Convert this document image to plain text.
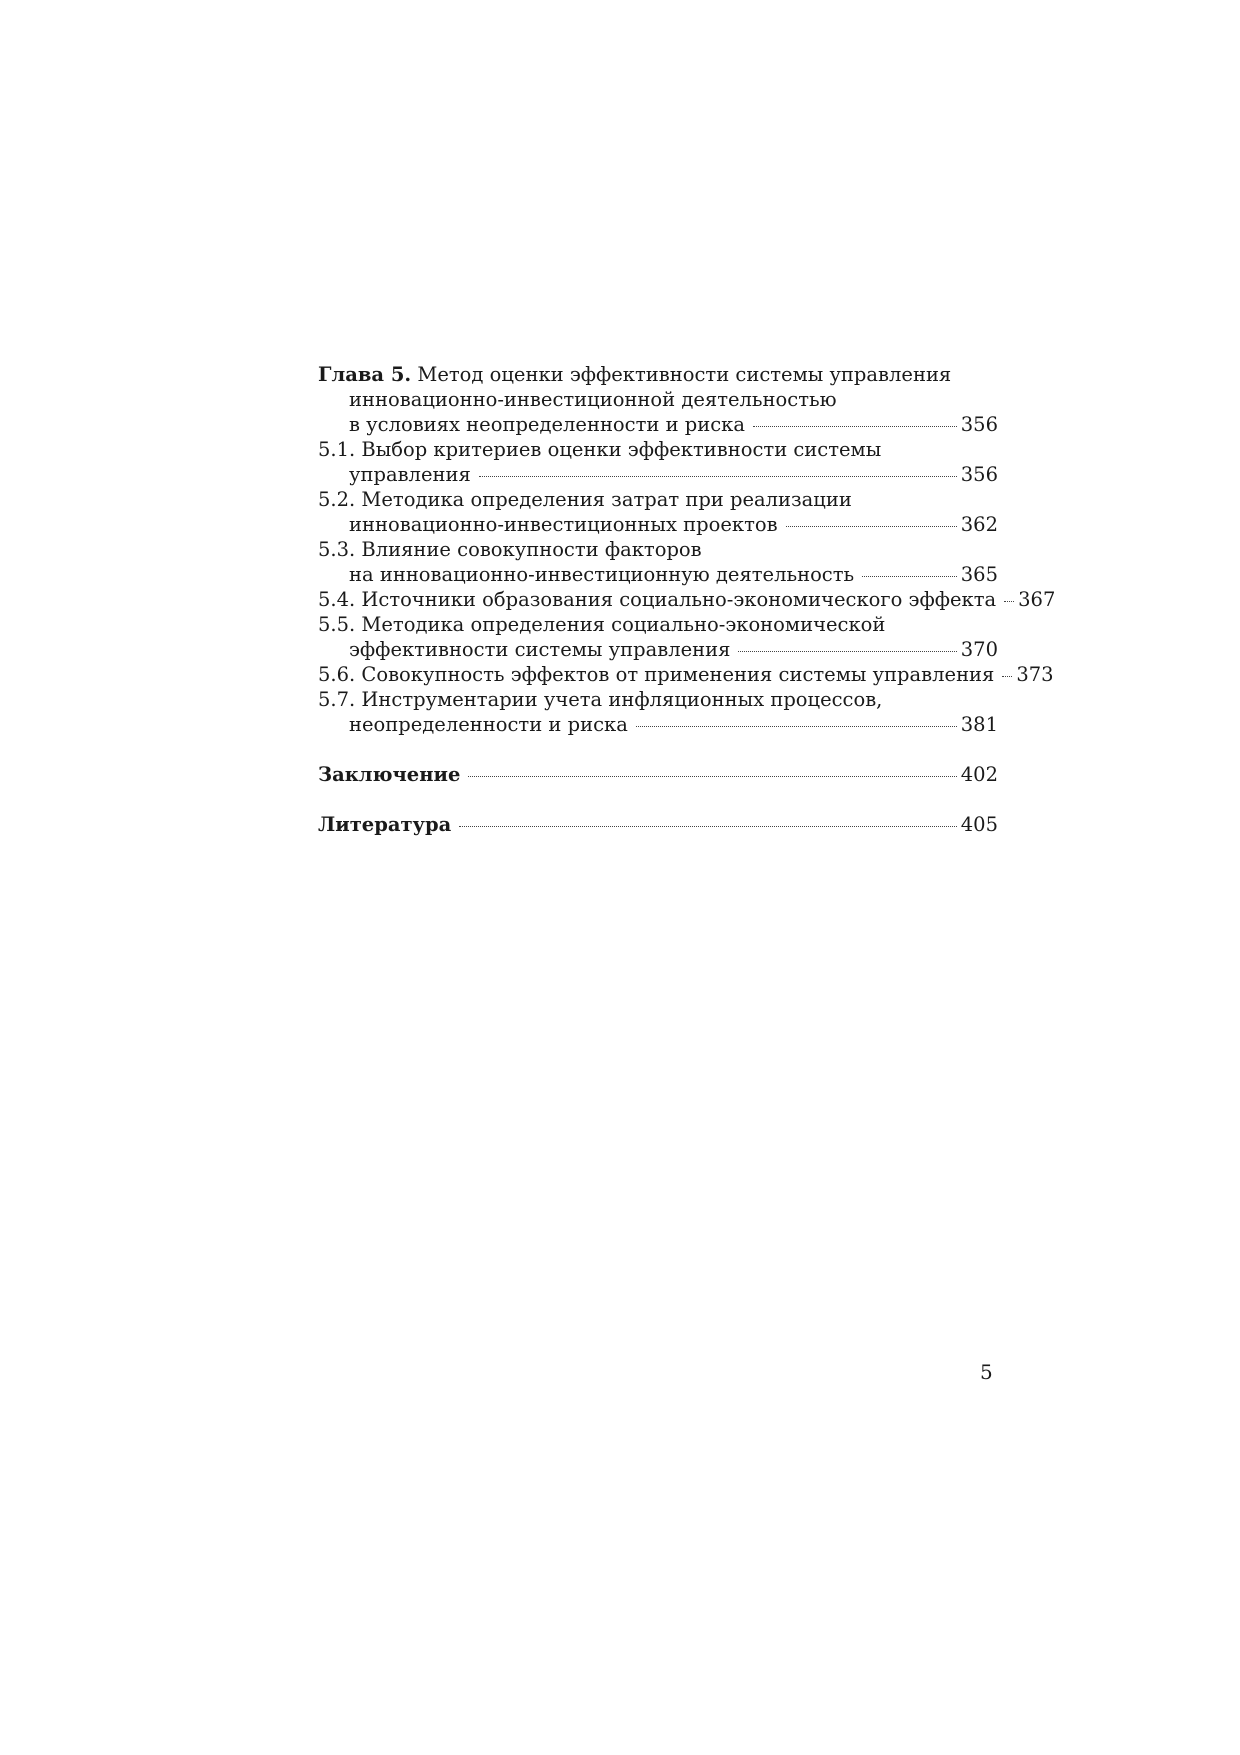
Глава 5. Метод оценки эффективности системы управления
инновационно-инвестиционной деятельностью
в условиях неопределенности и риска	356
5.1. Выбор критериев оценки эффективности системы
управления	356
5.2. Методика определения затрат при реализации
инновационно-инвестиционных проектов	362
5.3. Влияние совокупности факторов
на инновационно-инвестиционную деятельность	365
5.4. Источники образования социально-экономического эффекта 367
5.5. Методика определения социально-экономической
эффективности системы управления	370
5.6. Совокупность эффектов от применения системы управления 373
5.7. Инструментарии учета инфляционных процессов,
неопределенности и риска	381
Заключение	402
Литература	405
5
